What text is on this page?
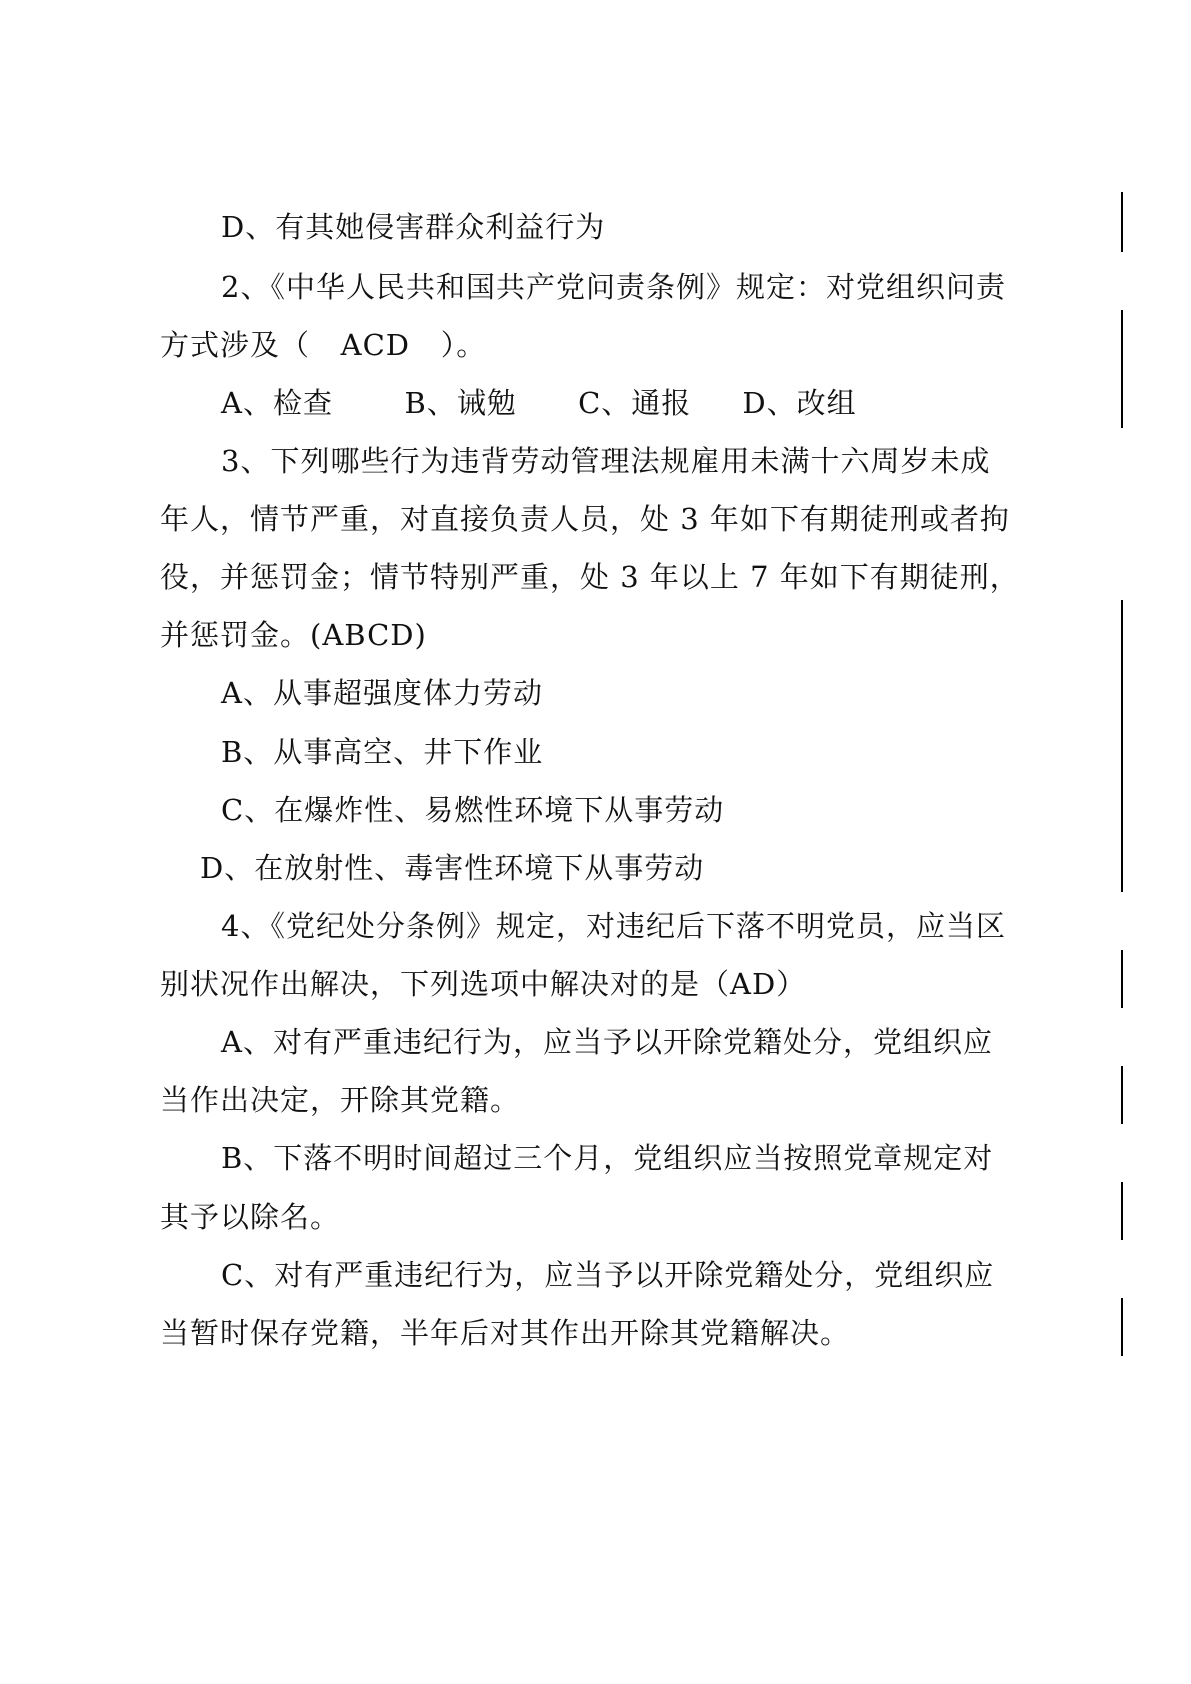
D、有其她侵害群众利益行为
2、《中华人民共和国共产党问责条例》规定：对党组织问责
方式涉及（   ACD   ）。
A、检查       B、诫勉      C、通报     D、改组
3、下列哪些行为违背劳动管理法规雇用未满十六周岁未成
年人，情节严重，对直接负责人员，处 3 年如下有期徒刑或者拘
役，并惩罚金；情节特别严重，处 3 年以上 7 年如下有期徒刑，
并惩罚金。(ABCD)
A、从事超强度体力劳动
B、从事高空、井下作业
C、在爆炸性、易燃性环境下从事劳动
D、在放射性、毒害性环境下从事劳动
4、《党纪处分条例》规定，对违纪后下落不明党员，应当区
别状况作出解决，下列选项中解决对的是（AD）
A、对有严重违纪行为，应当予以开除党籍处分，党组织应
当作出决定，开除其党籍。
B、下落不明时间超过三个月，党组织应当按照党章规定对
其予以除名。
C、对有严重违纪行为，应当予以开除党籍处分，党组织应
当暂时保存党籍，半年后对其作出开除其党籍解决。
